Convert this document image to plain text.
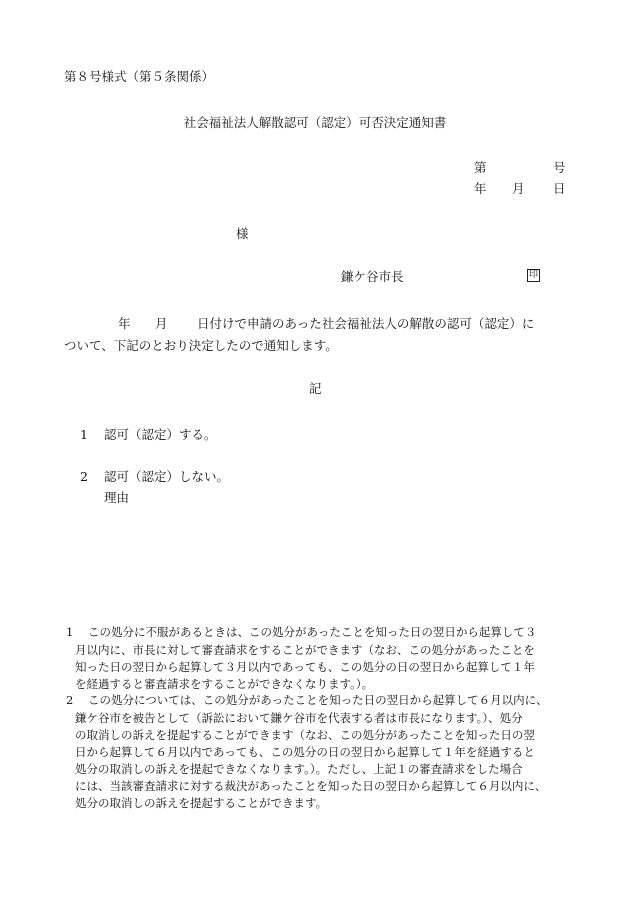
第８号様式（第５条関係）
社会福祉法人解散認可（認定）可否決定通知書
第	号
年 月 日
様
鎌ケ谷市長	印
年 月 日付けで申請のあった社会福祉法人の解散の認可（認定）に
ついて、下記のとおり決定したので通知します。
記
1 認可（認定）する。
2 認可（認定）しない。
理由
1 この処分に不服があるときは、この処分があったことを知った日の翌日から起算して３
月以内に、市長に対して審査請求をすることができます（なお、この処分があったことを
知った日の翌日から起算して３月以内であっても、この処分の日の翌日から起算して１年
を経過すると審査請求をすることができなくなります。）。
2 この処分については、この処分があったことを知った日の翌日から起算して６月以内に、
鎌ケ谷市を被告として（訴訟において鎌ケ谷市を代表する者は市長になります。）、処分
の取消しの訴えを提起することができます（なお、この処分があったことを知った日の翌
日から起算して６月以内であっても、この処分の日の翌日から起算して１年を経過すると
処分の取消しの訴えを提起できなくなります。）。ただし、上記１の審査請求をした場合
には、当該審査請求に対する裁決があったことを知った日の翌日から起算して６月以内に、
処分の取消しの訴えを提起することができます。
